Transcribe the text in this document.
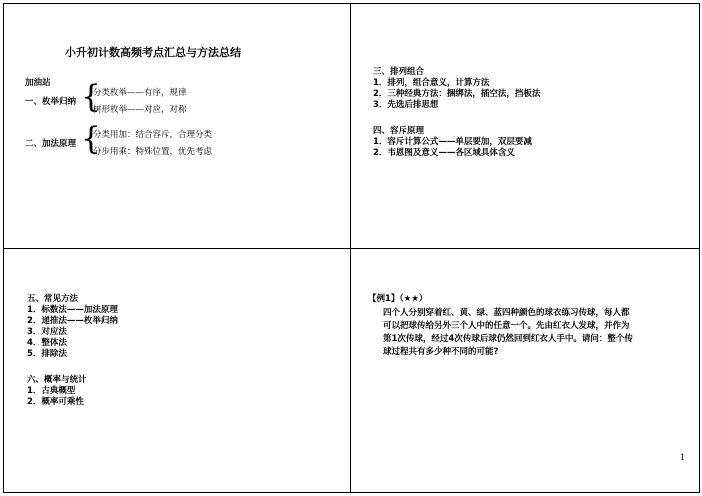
小升初计数高频考点汇总与方法总结
加油站
一、枚举归纳 {
分类枚举——有序，规律
树形枚举——对应，对称
二、加法原理 {
分类用加：结合容斥，合理分类
分步用乘：特殊位置，优先考虑
三、排列组合
1．排列，组合意义，计算方法
2．三种经典方法：捆绑法，插空法，挡板法
3．先选后排思想
四、容斥原理
1．容斥计算公式——单层要加，双层要减
2．韦恩图及意义——各区域具体含义
五、常见方法
1．标数法——加法原理
2．递推法——枚举归纳
3．对应法
4．整体法
5．排除法
六、概率与统计
1．古典概型
2．概率可乘性
【例1】（★★）
四个人分别穿着红、黄、绿、蓝四种颜色的球衣练习传球，每人都
可以把球传给另外三个人中的任意一个。先由红衣人发球，并作为
第1次传球，经过4次传球后球仍然回到红衣人手中。请问：整个传
球过程共有多少种不同的可能?
1
